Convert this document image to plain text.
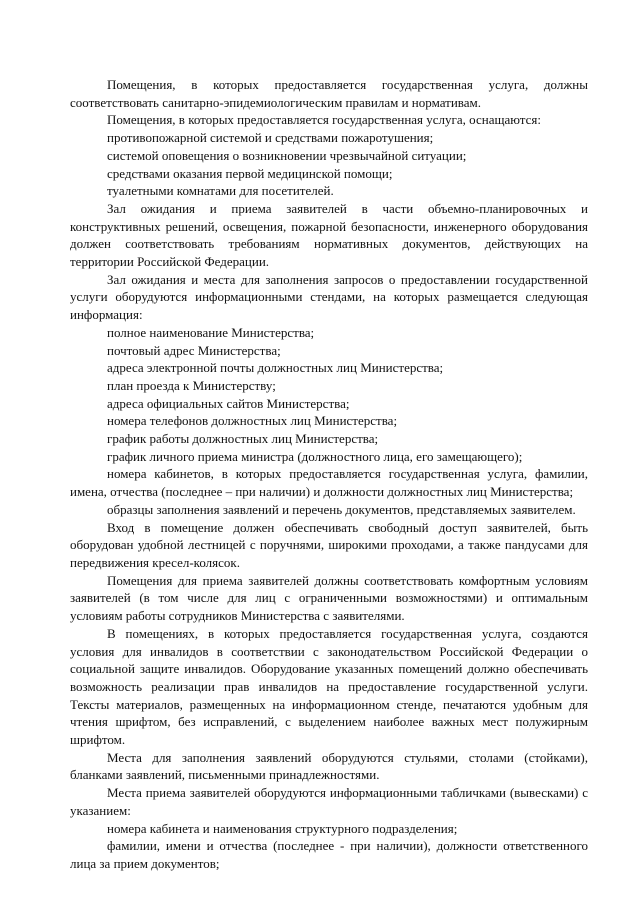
Помещения, в которых предоставляется государственная услуга, должны соответствовать санитарно-эпидемиологическим правилам и нормативам.

Помещения, в которых предоставляется государственная услуга, оснащаются:

противопожарной системой и средствами пожаротушения;

системой оповещения о возникновении чрезвычайной ситуации;

средствами оказания первой медицинской помощи;

туалетными комнатами для посетителей.

Зал ожидания и приема заявителей в части объемно-планировочных и конструктивных решений, освещения, пожарной безопасности, инженерного оборудования должен соответствовать требованиям нормативных документов, действующих на территории Российской Федерации.

Зал ожидания и места для заполнения запросов о предоставлении государственной услуги оборудуются информационными стендами, на которых размещается следующая информация:

полное наименование Министерства;

почтовый адрес Министерства;

адреса электронной почты должностных лиц Министерства;

план проезда к Министерству;

адреса официальных сайтов Министерства;

номера телефонов должностных лиц Министерства;

график работы должностных лиц Министерства;

график личного приема министра (должностного лица, его замещающего);

номера кабинетов, в которых предоставляется государственная услуга, фамилии, имена, отчества (последнее – при наличии) и должности должностных лиц Министерства;

образцы заполнения заявлений и перечень документов, представляемых заявителем.

Вход в помещение должен обеспечивать свободный доступ заявителей, быть оборудован удобной лестницей с поручнями, широкими проходами, а также пандусами для передвижения кресел-колясок.

Помещения для приема заявителей должны соответствовать комфортным условиям заявителей (в том числе для лиц с ограниченными возможностями) и оптимальным условиям работы сотрудников Министерства с заявителями.

В помещениях, в которых предоставляется государственная услуга, создаются условия для инвалидов в соответствии с законодательством Российской Федерации о социальной защите инвалидов. Оборудование указанных помещений должно обеспечивать возможность реализации прав инвалидов на предоставление государственной услуги. Тексты материалов, размещенных на информационном стенде, печатаются удобным для чтения шрифтом, без исправлений, с выделением наиболее важных мест полужирным шрифтом.

Места для заполнения заявлений оборудуются стульями, столами (стойками), бланками заявлений, письменными принадлежностями.

Места приема заявителей оборудуются информационными табличками (вывесками) с указанием:

номера кабинета и наименования структурного подразделения;

фамилии, имени и отчества (последнее - при наличии), должности ответственного лица за прием документов;
